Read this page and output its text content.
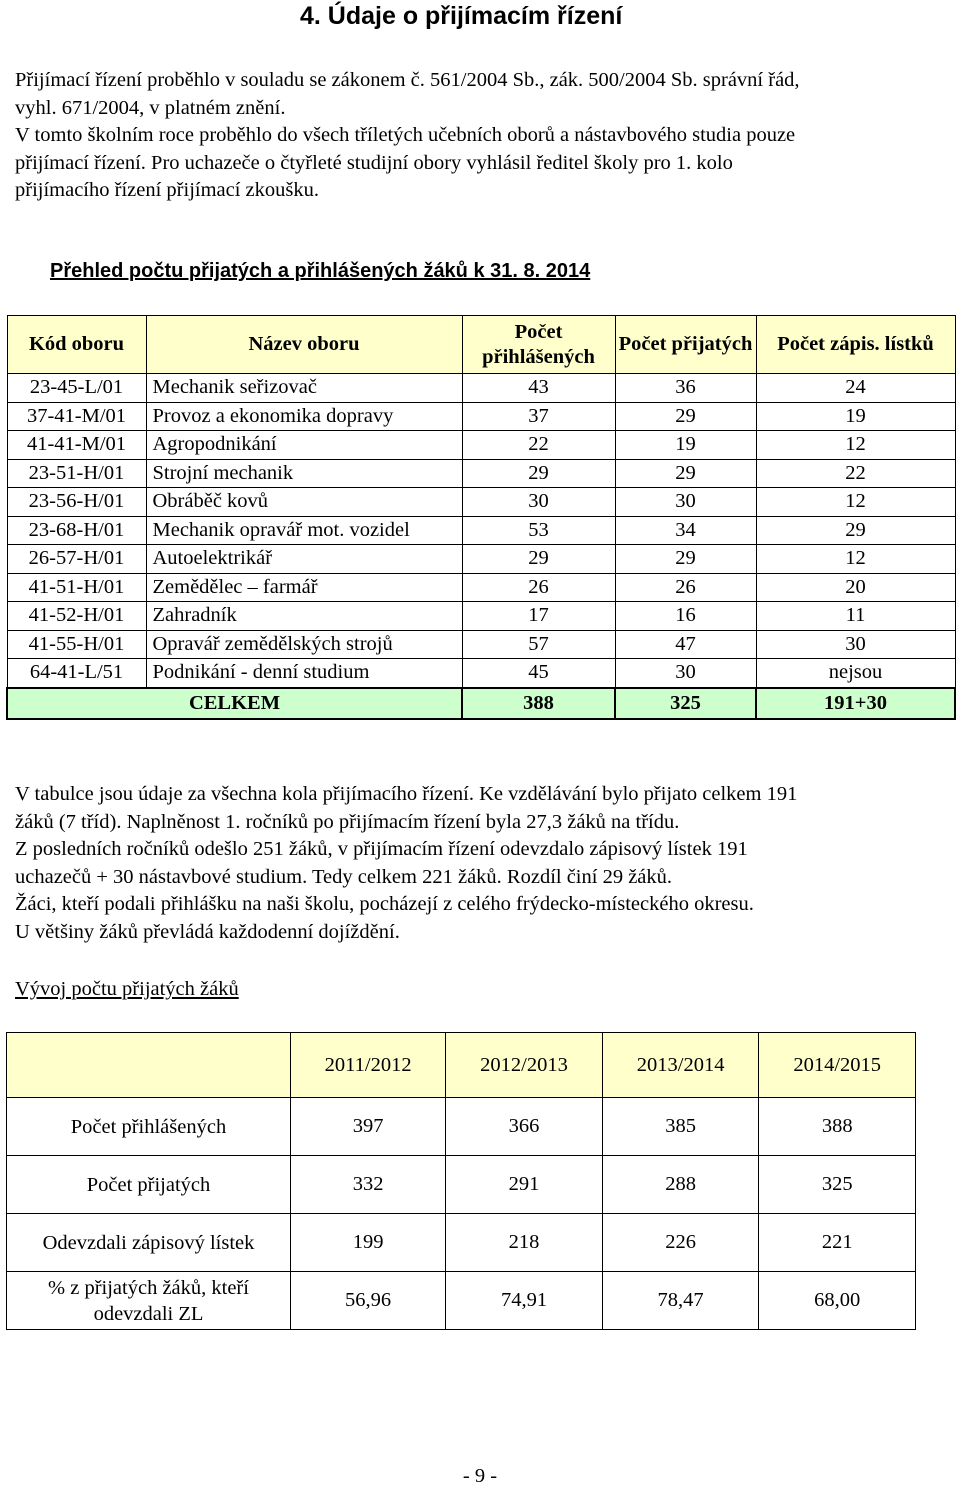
4. Údaje o přijímacím řízení

Přijímací řízení proběhlo v souladu se zákonem č. 561/2004 Sb., zák. 500/2004 Sb. správní řád,
vyhl. 671/2004, v platném znění.
V tomto školním roce proběhlo do všech tříletých učebních oborů a nástavbového studia pouze
přijímací řízení. Pro uchazeče o čtyřleté studijní obory vyhlásil ředitel školy pro 1. kolo
přijímacího řízení přijímací zkoušku.

Přehled počtu přijatých a přihlášených žáků k 31. 8. 2014

Kód oboru	Název oboru	Počet přihlášených	Počet přijatých	Počet zápis. lístků
23-45-L/01	Mechanik seřizovač	43	36	24
37-41-M/01	Provoz a ekonomika dopravy	37	29	19
41-41-M/01	Agropodnikání	22	19	12
23-51-H/01	Strojní mechanik	29	29	22
23-56-H/01	Obráběč kovů	30	30	12
23-68-H/01	Mechanik opravář mot. vozidel	53	34	29
26-57-H/01	Autoelektrikář	29	29	12
41-51-H/01	Zemědělec – farmář	26	26	20
41-52-H/01	Zahradník	17	16	11
41-55-H/01	Opravář zemědělských strojů	57	47	30
64-41-L/51	Podnikání - denní studium	45	30	nejsou
CELKEM		388	325	191+30

V tabulce jsou údaje za všechna kola přijímacího řízení. Ke vzdělávání bylo přijato celkem 191
žáků (7 tříd). Naplněnost 1. ročníků po přijímacím řízení byla 27,3 žáků na třídu.
Z posledních ročníků odešlo 251 žáků, v přijímacím řízení odevzdalo zápisový lístek 191
uchazečů + 30 nástavbové studium. Tedy celkem 221 žáků. Rozdíl činí 29 žáků.
Žáci, kteří podali přihlášku na naši školu, pocházejí z celého frýdecko-místeckého okresu.
U většiny žáků převládá každodenní dojíždění.

Vývoj počtu přijatých žáků

	2011/2012	2012/2013	2013/2014	2014/2015
Počet přihlášených	397	366	385	388
Počet přijatých	332	291	288	325
Odevzdali zápisový lístek	199	218	226	221
% z přijatých žáků, kteří odevzdali ZL	56,96	74,91	78,47	68,00
- 9 -
